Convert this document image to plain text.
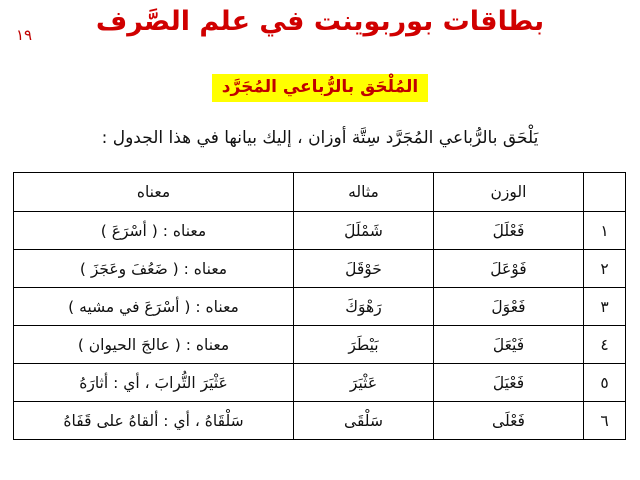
١٩	بطاقات بوربوينت في علم الصَّرف
المُلْحَق بالرُّباعي المُجَرَّد
يَلْحَق بالرُّباعي المُجَرَّد سِتَّة أوزان ، إليك بيانها في هذا الجدول :
	الوزن	مثاله	معناه
١	فَعْلَلَ	شَمْلَلَ	معناه : ( أسْرَعَ )
٢	فَوْعَلَ	حَوْقَلَ	معناه : ( ضَعُفَ وعَجَزَ )
٣	فَعْوَلَ	رَهْوَكَ	معناه : ( أسْرَعَ في مشيه )
٤	فَيْعَلَ	بَيْطَرَ	معناه : ( عالجَ الحيوان )
٥	فَعْيَلَ	عَثْيَرَ	عَثْيَرَ التُّرابَ ، أي : أثارَهُ
٦	فَعْلَى	سَلْقَى	سَلْقَاهُ ، أي : ألقاهُ على قَفَاهُ
